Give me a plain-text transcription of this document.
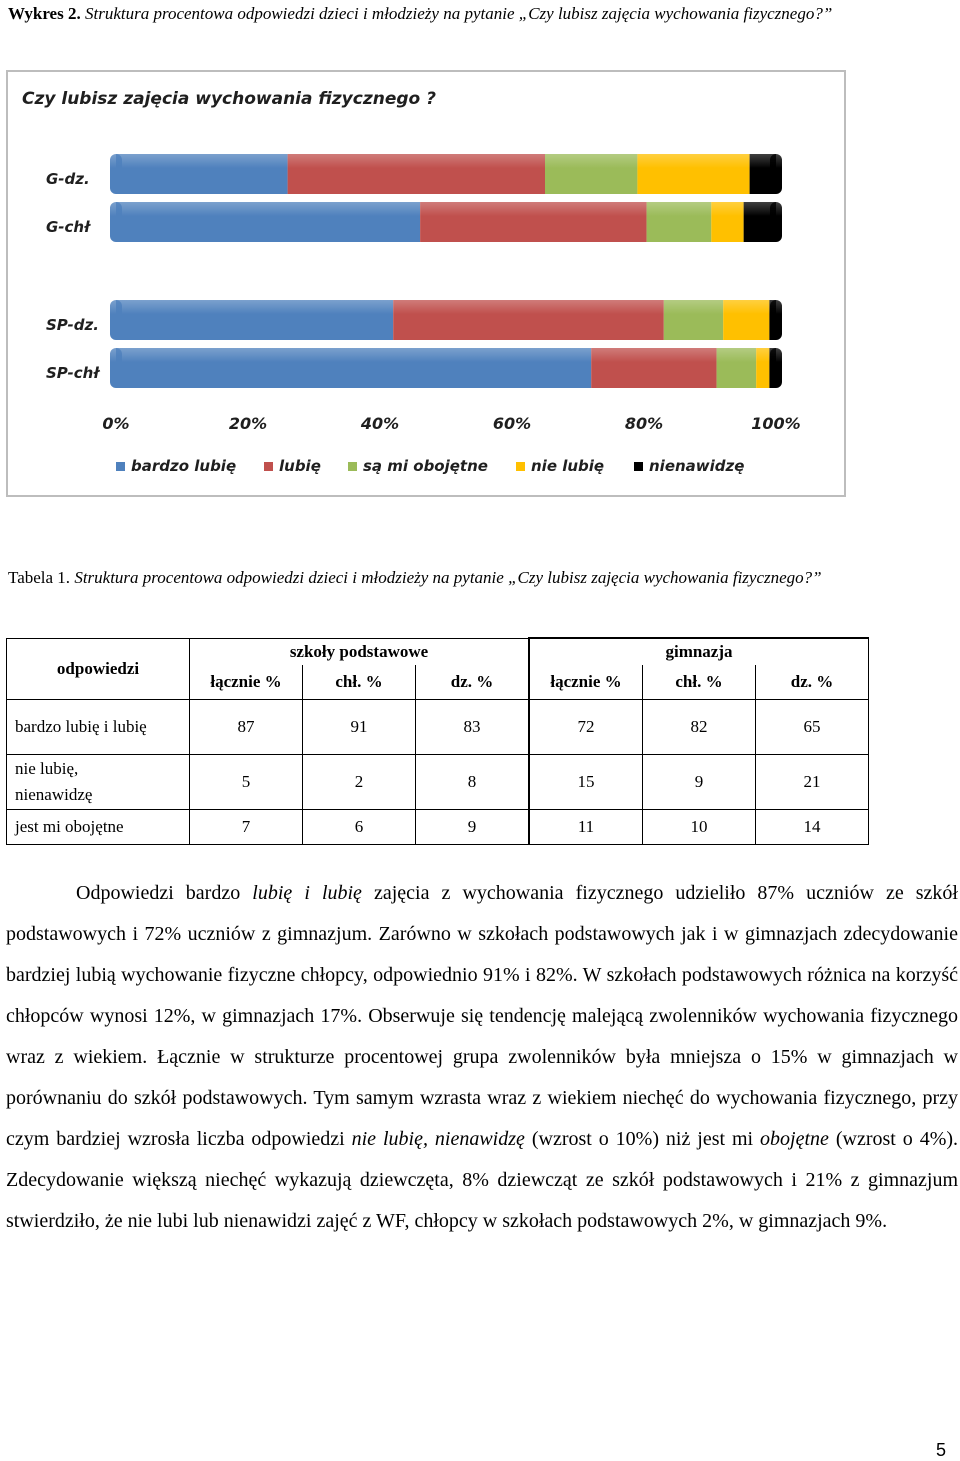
Wykres 2. Struktura procentowa odpowiedzi dzieci i młodzieży na pytanie „Czy lubisz zajęcia wychowania fizycznego?”
Czy lubisz zajęcia wychowania fizycznego ?
G-dz.
G-chł
SP-dz.
SP-chł
0%	20%	40%	60%	80%	100%
bardzo lubię	lubię	są mi obojętne	nie lubię	nienawidzę
Tabela 1. Struktura procentowa odpowiedzi dzieci i młodzieży na pytanie „Czy lubisz zajęcia wychowania fizycznego?”
odpowiedzi	szkoły podstawowe			gimnazja		
	łącznie %	chł. %	dz. %	łącznie %	chł. %	dz. %
bardzo lubię i lubię	87	91	83	72	82	65
nie lubię,
nienawidzę	5	2	8	15	9	21
jest mi obojętne	7	6	9	11	10	14
Odpowiedzi bardzo lubię i lubię zajęcia z wychowania fizycznego udzieliło 87% uczniów ze szkół podstawowych i 72% uczniów z gimnazjum. Zarówno w szkołach podstawowych jak i w gimnazjach zdecydowanie bardziej lubią wychowanie fizyczne chłopcy, odpowiednio 91% i 82%. W szkołach podstawowych różnica na korzyść chłopców wynosi 12%, w gimnazjach 17%. Obserwuje się tendencję malejącą zwolenników wychowania fizycznego wraz z wiekiem. Łącznie w strukturze procentowej grupa zwolenników była mniejsza o 15% w gimnazjach w porównaniu do szkół podstawowych. Tym samym wzrasta wraz z wiekiem niechęć do wychowania fizycznego, przy czym bardziej wzrosła liczba odpowiedzi nie lubię, nienawidzę (wzrost o 10%) niż jest mi obojętne (wzrost o 4%). Zdecydowanie większą niechęć wykazują dziewczęta, 8% dziewcząt ze szkół podstawowych i 21% z gimnazjum stwierdziło, że nie lubi lub nienawidzi zajęć z WF, chłopcy w szkołach podstawowych 2%, w gimnazjach 9%.
5
